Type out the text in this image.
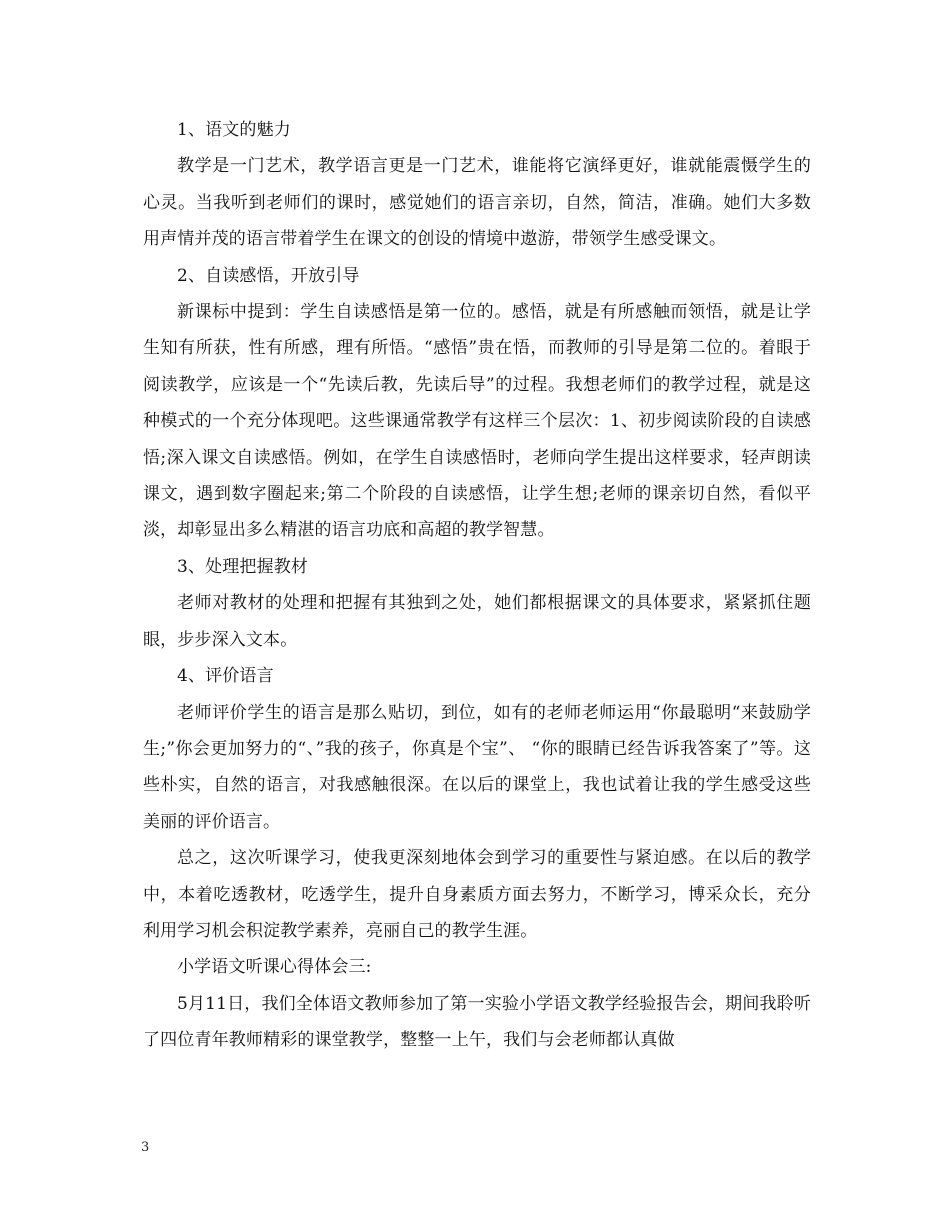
1、语文的魅力

教学是一门艺术，教学语言更是一门艺术，谁能将它演绎更好，谁就能震慑学生的心灵。当我听到老师们的课时，感觉她们的语言亲切，自然，简洁，准确。她们大多数用声情并茂的语言带着学生在课文的创设的情境中遨游，带领学生感受课文。

2、自读感悟，开放引导

新课标中提到：学生自读感悟是第一位的。感悟，就是有所感触而领悟，就是让学生知有所获，性有所感，理有所悟。“感悟”贵在悟，而教师的引导是第二位的。着眼于阅读教学，应该是一个“先读后教，先读后导”的过程。我想老师们的教学过程，就是这种模式的一个充分体现吧。这些课通常教学有这样三个层次：1、初步阅读阶段的自读感悟;深入课文自读感悟。例如，在学生自读感悟时，老师向学生提出这样要求，轻声朗读课文，遇到数字圈起来;第二个阶段的自读感悟，让学生想;老师的课亲切自然，看似平淡，却彰显出多么精湛的语言功底和高超的教学智慧。

3、处理把握教材

老师对教材的处理和把握有其独到之处，她们都根据课文的具体要求，紧紧抓住题眼，步步深入文本。

4、评价语言

老师评价学生的语言是那么贴切，到位，如有的老师老师运用“你最聪明“来鼓励学生;”你会更加努力的“、”我的孩子，你真是个宝”、 “你的眼睛已经告诉我答案了”等。这些朴实，自然的语言，对我感触很深。在以后的课堂上，我也试着让我的学生感受这些美丽的评价语言。

总之，这次听课学习，使我更深刻地体会到学习的重要性与紧迫感。在以后的教学中，本着吃透教材，吃透学生，提升自身素质方面去努力，不断学习，博采众长，充分利用学习机会积淀教学素养，亮丽自己的教学生涯。

小学语文听课心得体会三:

5月11日，我们全体语文教师参加了第一实验小学语文教学经验报告会，期间我聆听了四位青年教师精彩的课堂教学，整整一上午，我们与会老师都认真做

3
